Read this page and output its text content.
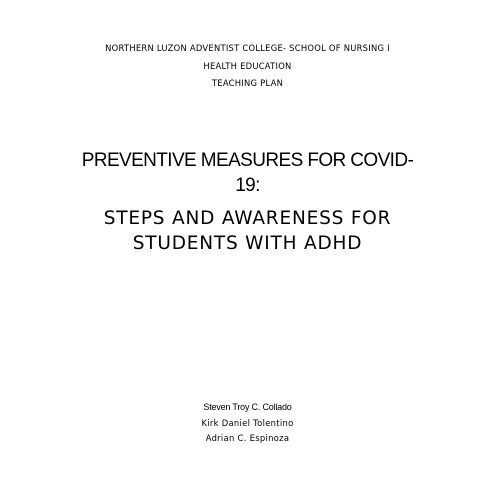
NORTHERN LUZON ADVENTIST COLLEGE- SCHOOL OF NURSING I
HEALTH EDUCATION
TEACHING PLAN
PREVENTIVE MEASURES FOR COVID-
19:
STEPS AND AWARENESS FOR
STUDENTS WITH ADHD
Steven Troy C. Collado
Kirk Daniel Tolentino
Adrian C. Espinoza
